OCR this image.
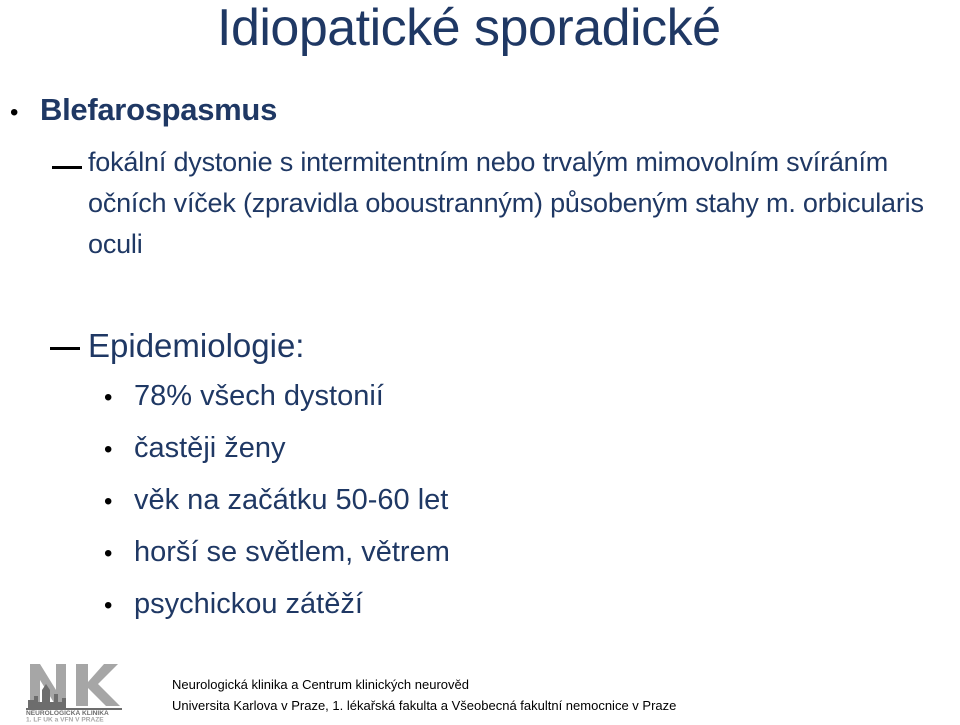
Idiopatické sporadické
• Blefarospasmus
fokální dystonie s intermitentním nebo trvalým mimovolním svíráním očních víček (zpravidla oboustranným) působeným stahy m. orbicularis oculi
Epidemiologie:
• 78% všech dystonií
• častěji ženy
• věk na začátku 50-60 let
• horší se světlem, větrem
• psychickou zátěží
NEUROLOGICKÁ KLINIKA
1. LF UK a VFN V PRAZE
Neurologická klinika a Centrum klinických neurověd
Universita Karlova v Praze, 1. lékařská fakulta a Všeobecná fakultní nemocnice v Praze
